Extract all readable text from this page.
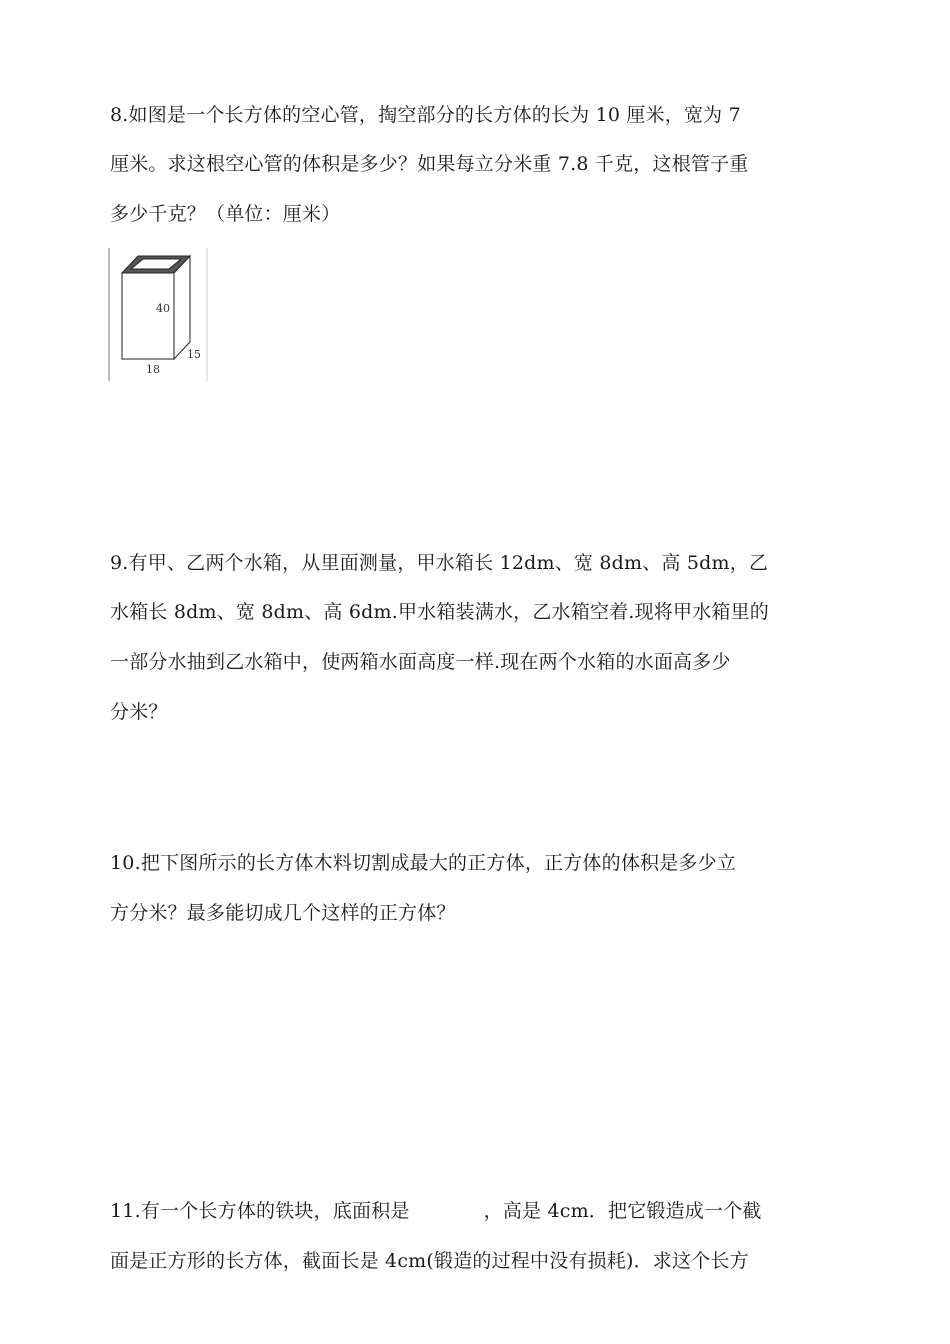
8.如图是一个长方体的空心管，掏空部分的长方体的长为 10 厘米，宽为 7
厘米。求这根空心管的体积是多少？如果每立分米重 7.8 千克，这根管子重
多少千克？（单位：厘米）
40
15
18
9.有甲、乙两个水箱，从里面测量，甲水箱长 12dm、宽 8dm、高 5dm，乙
水箱长 8dm、宽 8dm、高 6dm.甲水箱装满水，乙水箱空着.现将甲水箱里的
一部分水抽到乙水箱中，使两箱水面高度一样.现在两个水箱的水面高多少
分米？
10.把下图所示的长方体木料切割成最大的正方体，正方体的体积是多少立
方分米？最多能切成几个这样的正方体？
11.有一个长方体的铁块，底面积是	，高是 4cm．把它锻造成一个截
面是正方形的长方体，截面长是 4cm(锻造的过程中没有损耗)．求这个长方
